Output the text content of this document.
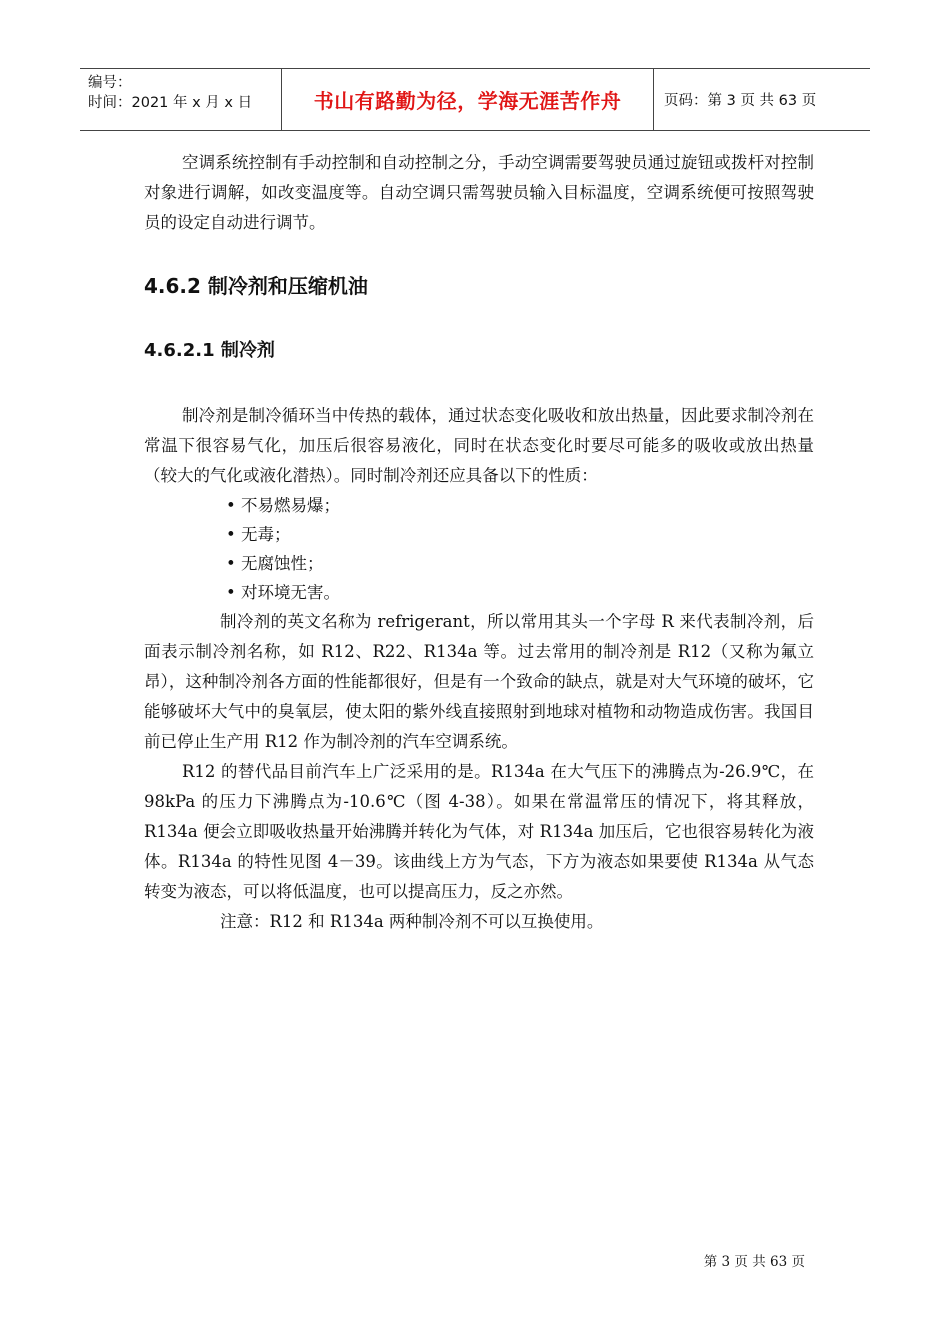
编号：
时间：2021 年 x 月 x 日	书山有路勤为径，学海无涯苦作舟	页码：第 3 页 共 63 页

空调系统控制有手动控制和自动控制之分，手动空调需要驾驶员通过旋钮或拨杆对控制对象进行调解，如改变温度等。自动空调只需驾驶员输入目标温度，空调系统便可按照驾驶员的设定自动进行调节。

4.6.2 制冷剂和压缩机油
4.6.2.1 制冷剂

制冷剂是制冷循环当中传热的载体，通过状态变化吸收和放出热量，因此要求制冷剂在常温下很容易气化，加压后很容易液化，同时在状态变化时要尽可能多的吸收或放出热量（较大的气化或液化潜热）。同时制冷剂还应具备以下的性质：

• 不易燃易爆；
• 无毒；
• 无腐蚀性；
• 对环境无害。

制冷剂的英文名称为 refrigerant，所以常用其头一个字母 R 来代表制冷剂，后面表示制冷剂名称，如 R12、R22、R134a 等。过去常用的制冷剂是 R12（又称为氟立昂），这种制冷剂各方面的性能都很好，但是有一个致命的缺点，就是对大气环境的破坏，它能够破坏大气中的臭氧层，使太阳的紫外线直接照射到地球对植物和动物造成伤害。我国目前已停止生产用 R12 作为制冷剂的汽车空调系统。

R12 的替代品目前汽车上广泛采用的是。R134a 在大气压下的沸腾点为-26.9℃，在 98kPa 的压力下沸腾点为-10.6℃（图 4-38）。如果在常温常压的情况下，将其释放，R134a 便会立即吸收热量开始沸腾并转化为气体，对 R134a 加压后，它也很容易转化为液体。R134a 的特性见图 4－39。该曲线上方为气态，下方为液态如果要使 R134a 从气态转变为液态，可以将低温度，也可以提高压力，反之亦然。

注意：R12 和 R134a 两种制冷剂不可以互换使用。

第 3 页 共 63 页
